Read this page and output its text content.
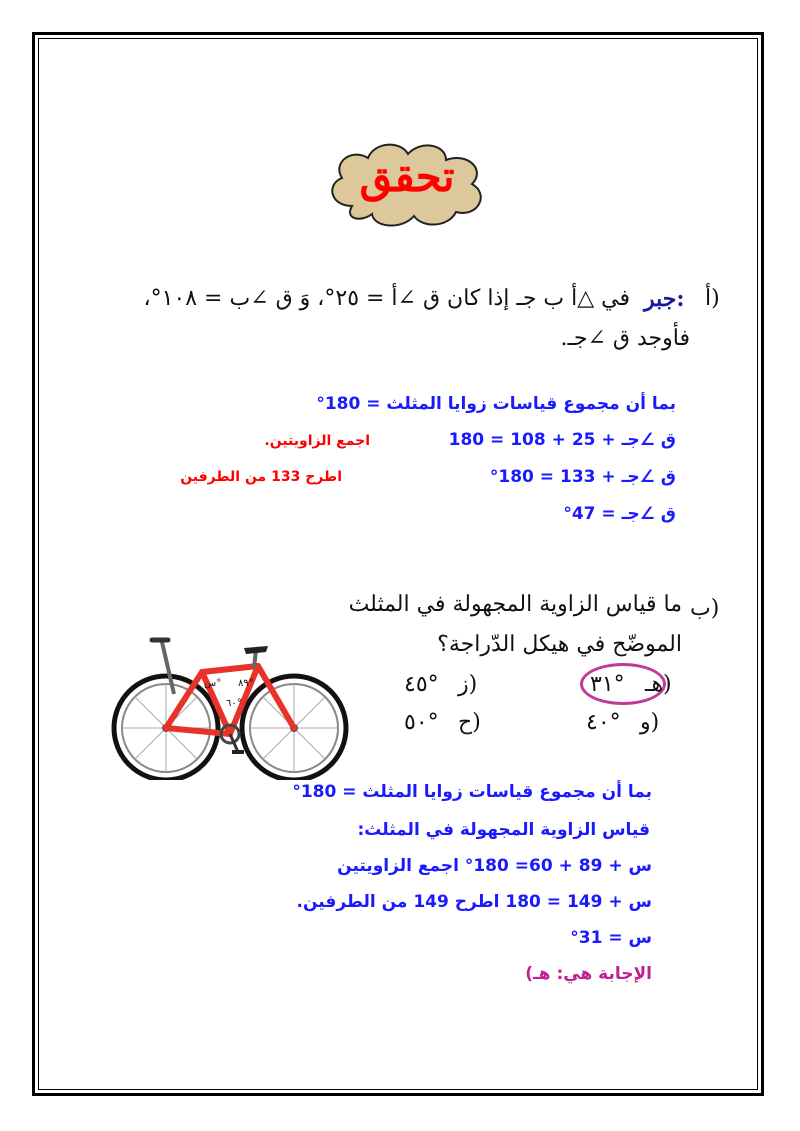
تحقق
أ)
جبر:
في △أ ب جـ إذا كان ق ∠أ = ٢٥°، وَ ق ∠ب = ١٠٨°،
فأوجد ق ∠جـ.
بما أن مجموع قياسات زوايا المثلث = 180°
ق ∠جـ + 25 + 108 = 180
ق ∠جـ + 133 = 180°
ق ∠جـ = 47°
اجمع الزاويتين.
اطرح 133 من الطرفين
ب)
ما قياس الزاوية المجهولة في المثلث
الموضّح في هيكل الدّراجة؟
هـ)
٣١°
ز)
٤٥°
و)
٤٠°
ح)
٥٠°
س° ٨٩°
٦٠°
بما أن مجموع قياسات زوايا المثلث = 180°
قياس الزاوية المجهولة في المثلث:
س + 89 + 60= 180° اجمع الزاويتين
س + 149 = 180 اطرح 149 من الطرفين.
س = 31°
الإجابة هي: هـ)
